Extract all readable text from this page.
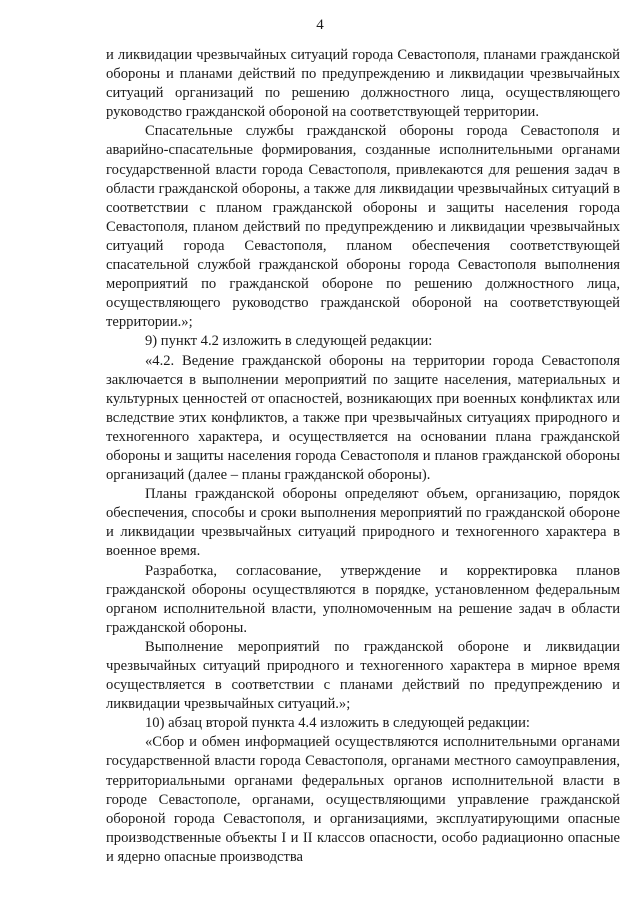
4

и ликвидации чрезвычайных ситуаций города Севастополя, планами гражданской обороны и планами действий по предупреждению и ликвидации чрезвычайных ситуаций организаций по решению должностного лица, осуществляющего руководство гражданской обороной на соответствующей территории.

Спасательные службы гражданской обороны города Севастополя и аварийно-спасательные формирования, созданные исполнительными органами государственной власти города Севастополя, привлекаются для решения задач в области гражданской обороны, а также для ликвидации чрезвычайных ситуаций в соответствии с планом гражданской обороны и защиты населения города Севастополя, планом действий по предупреждению и ликвидации чрезвычайных ситуаций города Севастополя, планом обеспечения соответствующей спасательной службой гражданской обороны города Севастополя выполнения мероприятий по гражданской обороне по решению должностного лица, осуществляющего руководство гражданской обороной на соответствующей территории.»;

9) пункт 4.2 изложить в следующей редакции:

«4.2. Ведение гражданской обороны на территории города Севастополя заключается в выполнении мероприятий по защите населения, материальных и культурных ценностей от опасностей, возникающих при военных конфликтах или вследствие этих конфликтов, а также при чрезвычайных ситуациях природного и техногенного характера, и осуществляется на основании плана гражданской обороны и защиты населения города Севастополя и планов гражданской обороны организаций (далее – планы гражданской обороны).

Планы гражданской обороны определяют объем, организацию, порядок обеспечения, способы и сроки выполнения мероприятий по гражданской обороне и ликвидации чрезвычайных ситуаций природного и техногенного характера в военное время.

Разработка, согласование, утверждение и корректировка планов гражданской обороны осуществляются в порядке, установленном федеральным органом исполнительной власти, уполномоченным на решение задач в области гражданской обороны.

Выполнение мероприятий по гражданской обороне и ликвидации чрезвычайных ситуаций природного и техногенного характера в мирное время осуществляется в соответствии с планами действий по предупреждению и ликвидации чрезвычайных ситуаций.»;

10) абзац второй пункта 4.4 изложить в следующей редакции:

«Сбор и обмен информацией осуществляются исполнительными органами государственной власти города Севастополя, органами местного самоуправления, территориальными органами федеральных органов исполнительной власти в городе Севастополе, органами, осуществляющими управление гражданской обороной города Севастополя, и организациями, эксплуатирующими опасные производственные объекты I и II классов опасности, особо радиационно опасные и ядерно опасные производства
